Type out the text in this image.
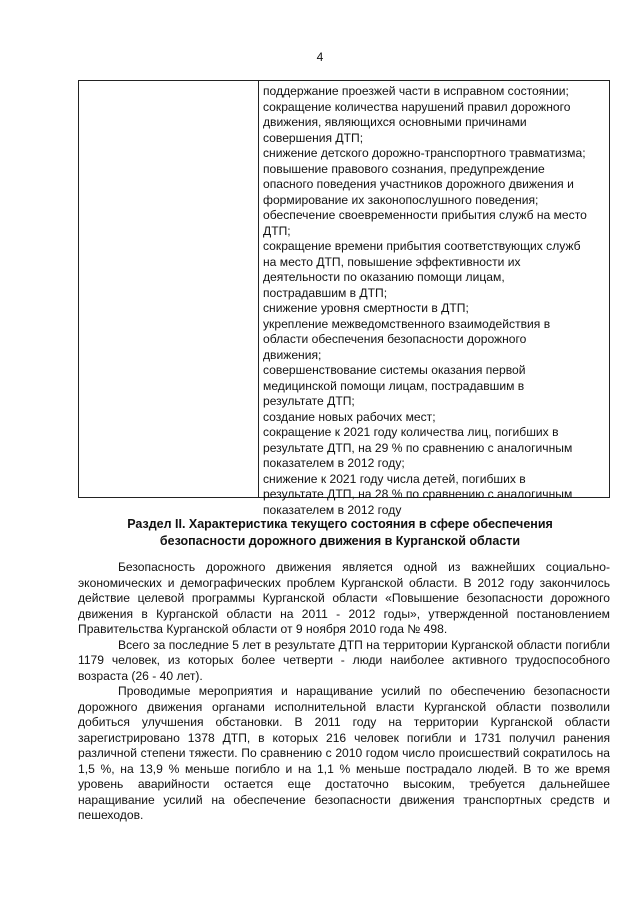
4

поддержание проезжей части в исправном состоянии;

сокращение количества нарушений правил дорожного

движения, являющихся основными причинами

совершения ДТП;

снижение детского дорожно-транспортного травматизма;

повышение правового сознания, предупреждение

опасного поведения участников дорожного движения и

формирование их законопослушного поведения;

обеспечение своевременности прибытия служб на место

ДТП;

сокращение времени прибытия соответствующих служб

на место ДТП, повышение эффективности их

деятельности по оказанию помощи лицам,

пострадавшим в ДТП;

снижение уровня смертности в ДТП;

укрепление межведомственного взаимодействия в

области обеспечения безопасности дорожного

движения;

совершенствование системы оказания первой

медицинской помощи лицам, пострадавшим в

результате ДТП;

создание новых рабочих мест;

сокращение к 2021 году количества лиц, погибших в

результате ДТП, на 29 % по сравнению с аналогичным

показателем в 2012 году;

снижение к 2021 году числа детей, погибших в

результате ДТП, на 28 % по сравнению с аналогичным

показателем в 2012 году

Раздел II. Характеристика текущего состояния в сфере обеспечения
безопасности дорожного движения в Курганской области

Безопасность дорожного движения является одной из важнейших социально-экономических и демографических проблем Курганской области. В 2012 году закончилось действие целевой программы Курганской области «Повышение безопасности дорожного движения в Курганской области на 2011 - 2012 годы», утвержденной постановлением Правительства Курганской области от 9 ноября 2010 года № 498.

Всего за последние 5 лет в результате ДТП на территории Курганской области погибли 1179 человек, из которых более четверти - люди наиболее активного трудоспособного возраста (26 - 40 лет).

Проводимые мероприятия и наращивание усилий по обеспечению безопасности дорожного движения органами исполнительной власти Курганской области позволили добиться улучшения обстановки. В 2011 году на территории Курганской области зарегистрировано 1378 ДТП, в которых 216 человек погибли и 1731 получил ранения различной степени тяжести. По сравнению с 2010 годом число происшествий сократилось на 1,5 %, на 13,9 % меньше погибло и на 1,1 % меньше пострадало людей. В то же время уровень аварийности остается еще достаточно высоким, требуется дальнейшее наращивание усилий на обеспечение безопасности движения транспортных средств и пешеходов.
